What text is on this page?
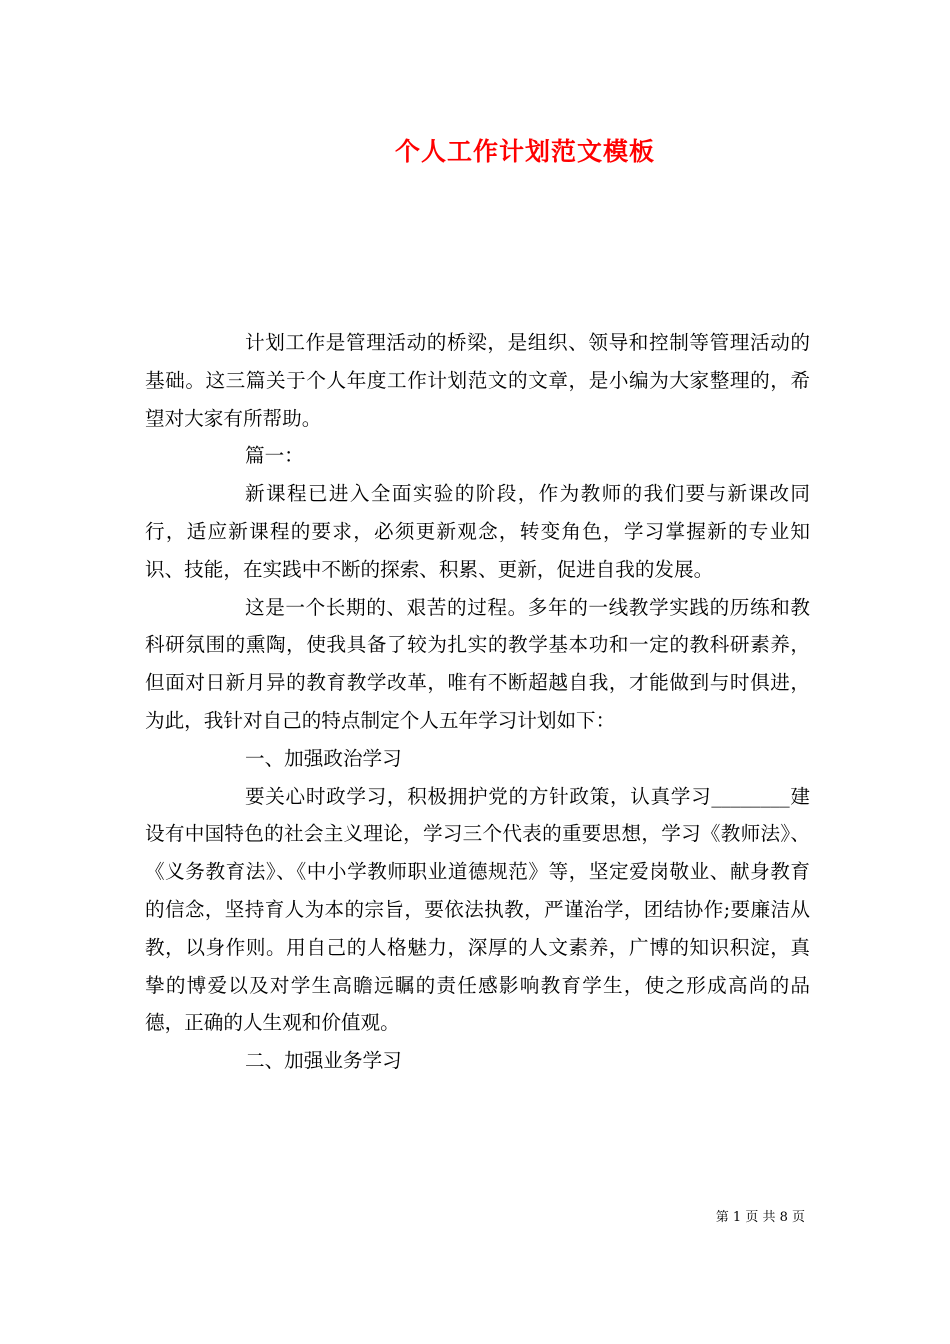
个人工作计划范文模板

计划工作是管理活动的桥梁，是组织、领导和控制等管理活动的基础。这三篇关于个人年度工作计划范文的文章，是小编为大家整理的，希望对大家有所帮助。

篇一：

新课程已进入全面实验的阶段，作为教师的我们要与新课改同行，适应新课程的要求，必须更新观念，转变角色，学习掌握新的专业知识、技能，在实践中不断的探索、积累、更新，促进自我的发展。

这是一个长期的、艰苦的过程。多年的一线教学实践的历练和教科研氛围的熏陶，使我具备了较为扎实的教学基本功和一定的教科研素养，但面对日新月异的教育教学改革，唯有不断超越自我，才能做到与时俱进，为此，我针对自己的特点制定个人五年学习计划如下：

一、加强政治学习

要关心时政学习，积极拥护党的方针政策，认真学习________建设有中国特色的社会主义理论，学习三个代表的重要思想，学习《教师法》、《义务教育法》、《中小学教师职业道德规范》等，坚定爱岗敬业、献身教育的信念，坚持育人为本的宗旨，要依法执教，严谨治学，团结协作;要廉洁从教，以身作则。用自己的人格魅力，深厚的人文素养，广博的知识积淀，真挚的博爱以及对学生高瞻远瞩的责任感影响教育学生，使之形成高尚的品德，正确的人生观和价值观。

二、加强业务学习

第 1 页 共 8 页
